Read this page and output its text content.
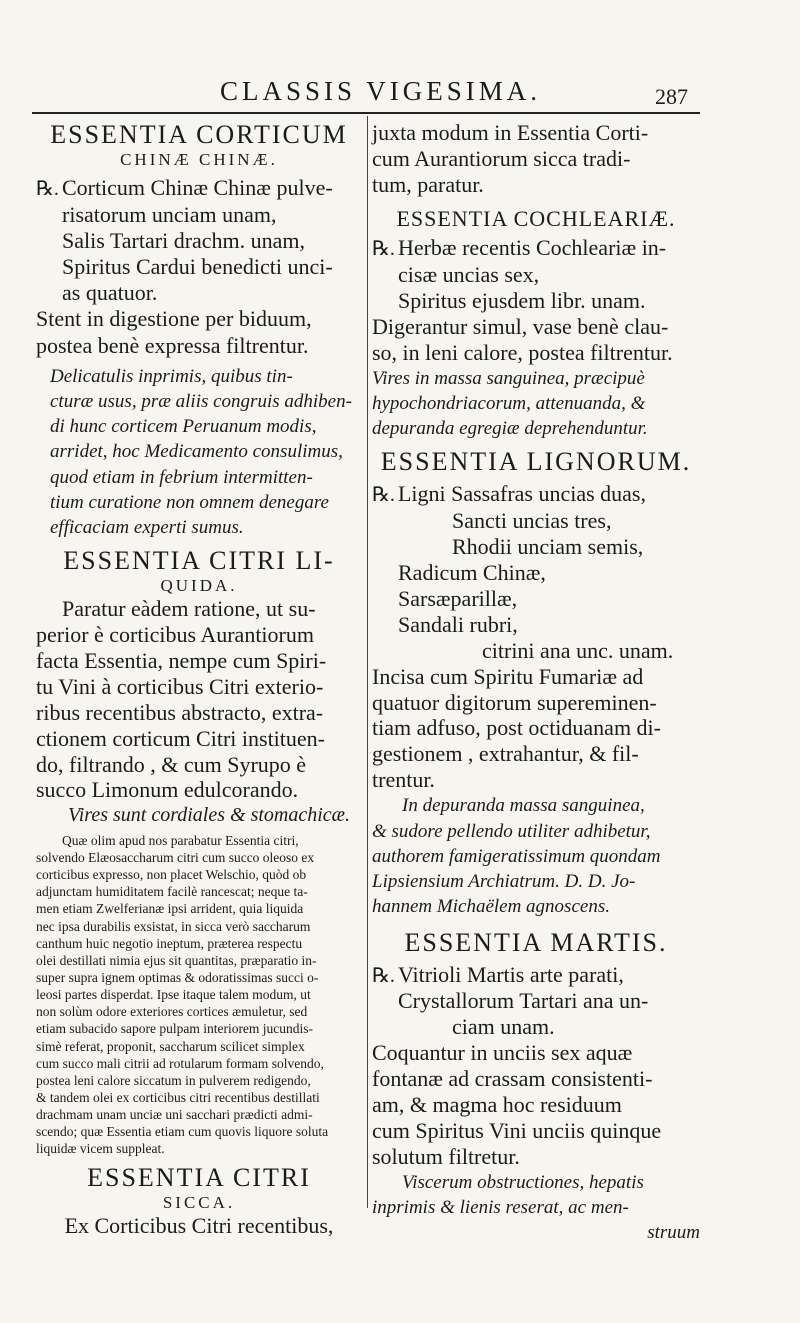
CLASSIS VIGESIMA.	287
ESSENTIA CORTICUM
CHINÆ CHINÆ.
℞. Corticum Chinæ Chinæ pulve-
risatorum unciam unam,
Salis Tartari drachm. unam,
Spiritus Cardui benedicti unci-
as quatuor.
Stent in digestione per biduum,
postea benè expressa filtrentur.
Delicatulis inprimis, quibus tin-
cturæ usus, præ aliis congruis adhiben-
di hunc corticem Peruanum modis,
arridet, hoc Medicamento consulimus,
quod etiam in febrium intermitten-
tium curatione non omnem denegare
efficaciam experti sumus.
ESSENTIA CITRI LI-
QUIDA.
Paratur eàdem ratione, ut su-
perior è corticibus Aurantiorum
facta Essentia, nempe cum Spiri-
tu Vini à corticibus Citri exterio-
ribus recentibus abstracto, extra-
ctionem corticum Citri instituen-
do, filtrando , & cum Syrupo è
succo Limonum edulcorando.
Vires sunt cordiales & stomachicæ.
Quæ olim apud nos parabatur Essentia citri,
solvendo Elæosaccharum citri cum succo oleoso ex
corticibus expresso, non placet Welschio, quòd ob
adjunctam humiditatem facilè rancescat; neque ta-
men etiam Zwelferianæ ipsi arrident, quia liquida
nec ipsa durabilis exsistat, in sicca verò saccharum
canthum huic negotio ineptum, præterea respectu
olei destillati nimia ejus sit quantitas, præparatio in-
super supra ignem optimas & odoratissimas succi o-
leosi partes disperdat. Ipse itaque talem modum, ut
non solùm odore exteriores cortices æmuletur, sed
etiam subacido sapore pulpam interiorem jucundis-
simè referat, proponit, saccharum scilicet simplex
cum succo mali citrii ad rotularum formam solvendo,
postea leni calore siccatum in pulverem redigendo,
& tandem olei ex corticibus citri recentibus destillati
drachmam unam unciæ uni sacchari prædicti admi-
scendo; quæ Essentia etiam cum quovis liquore soluta
liquidæ vicem suppleat.
ESSENTIA CITRI
SICCA.
Ex Corticibus Citri recentibus,
juxta modum in Essentia Corti-
cum Aurantiorum sicca tradi-
tum, paratur.
ESSENTIA COCHLEARIÆ.
℞. Herbæ recentis Cochleariæ in-
cisæ uncias sex,
Spiritus ejusdem libr. unam.
Digerantur simul, vase benè clau-
so, in leni calore, postea filtrentur.
Vires in massa sanguinea, præcipuè
hypochondriacorum, attenuanda, &
depuranda egregiæ deprehenduntur.
ESSENTIA LIGNORUM.
℞. Ligni Sassafras uncias duas,
Sancti uncias tres,
Rhodii unciam semis,
Radicum Chinæ,
Sarsæparillæ,
Sandali rubri,
citrini ana unc. unam.
Incisa cum Spiritu Fumariæ ad
quatuor digitorum supereminen-
tiam adfuso, post octiduanam di-
gestionem , extrahantur, & fil-
trentur.
In depuranda massa sanguinea,
& sudore pellendo utiliter adhibetur,
authorem famigeratissimum quondam
Lipsiensium Archiatrum. D. D. Jo-
hannem Michaëlem agnoscens.
ESSENTIA MARTIS.
℞. Vitrioli Martis arte parati,
Crystallorum Tartari ana un-
ciam unam.
Coquantur in unciis sex aquæ
fontanæ ad crassam consistenti-
am, & magma hoc residuum
cum Spiritus Vini unciis quinque
solutum filtretur.
Viscerum obstructiones, hepatis
inprimis & lienis reserat, ac men-
struum
